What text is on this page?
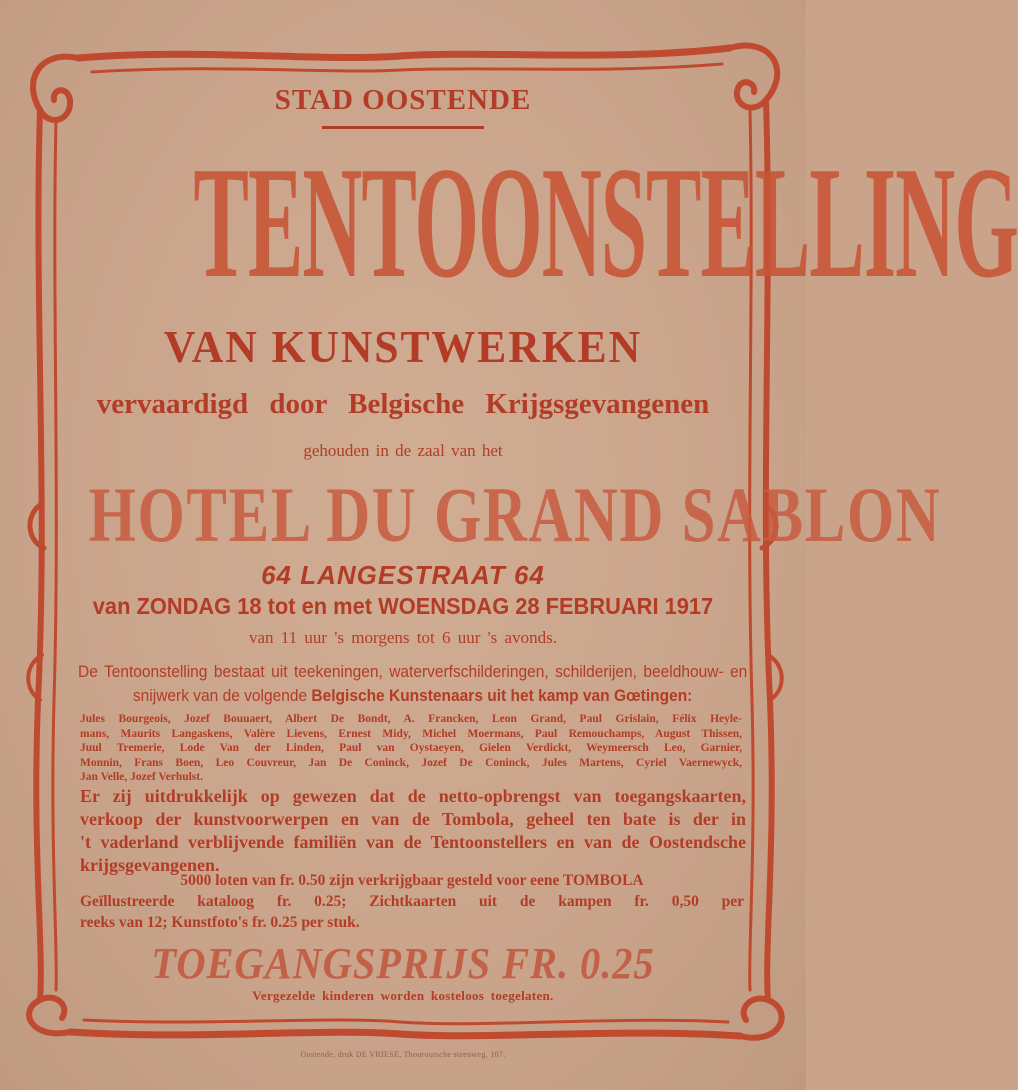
STAD OOSTENDE
TENTOONSTELLING
VAN KUNSTWERKEN
vervaardigd door Belgische Krijgsgevangenen
gehouden in de zaal van het
HOTEL DU GRAND SABLON
64 LANGESTRAAT 64
van ZONDAG 18 tot en met WOENSDAG 28 FEBRUARI 1917
van 11 uur 's morgens tot 6 uur 's avonds.
De Tentoonstelling bestaat uit teekeningen, waterverfschilderingen, schilderijen, beeldhouw- en
snijwerk van de volgende Belgische Kunstenaars uit het kamp van Gœtingen:
Jules Bourgeois, Jozef Bouuaert, Albert De Bondt, A. Francken, Leon Grand, Paul Grislain, Félix Heyle-
mans, Maurits Langaskens, Valère Lievens, Ernest Midy, Michel Moermans, Paul Remouchamps, August Thissen,
Juul Tremerie, Lode Van der Linden, Paul van Oystaeyen, Gielen Verdickt, Weymeersch Leo, Garnier,
Monnin, Frans Boen, Leo Couvreur, Jan De Coninck, Jozef De Coninck, Jules Martens, Cyriel Vaernewyck,
Jan Velle, Jozef Verhulst.
Er zij uitdrukkelijk op gewezen dat de netto-opbrengst van toegangskaarten,
verkoop der kunstvoorwerpen en van de Tombola, geheel ten bate is der in
't vaderland verblijvende familiën van de Tentoonstellers en van de Oostendsche
krijgsgevangenen.
5000 loten van fr. 0.50 zijn verkrijgbaar gesteld voor eene TOMBOLA
Geïllustreerde kataloog fr. 0.25; Zichtkaarten uit de kampen fr. 0,50 per
reeks van 12; Kunstfoto's fr. 0.25 per stuk.
TOEGANGSPRIJS FR. 0.25
Vergezelde kinderen worden kosteloos toegelaten.
Oostende, druk DE VRIESE, Thouroutsche steenweg, 107.
